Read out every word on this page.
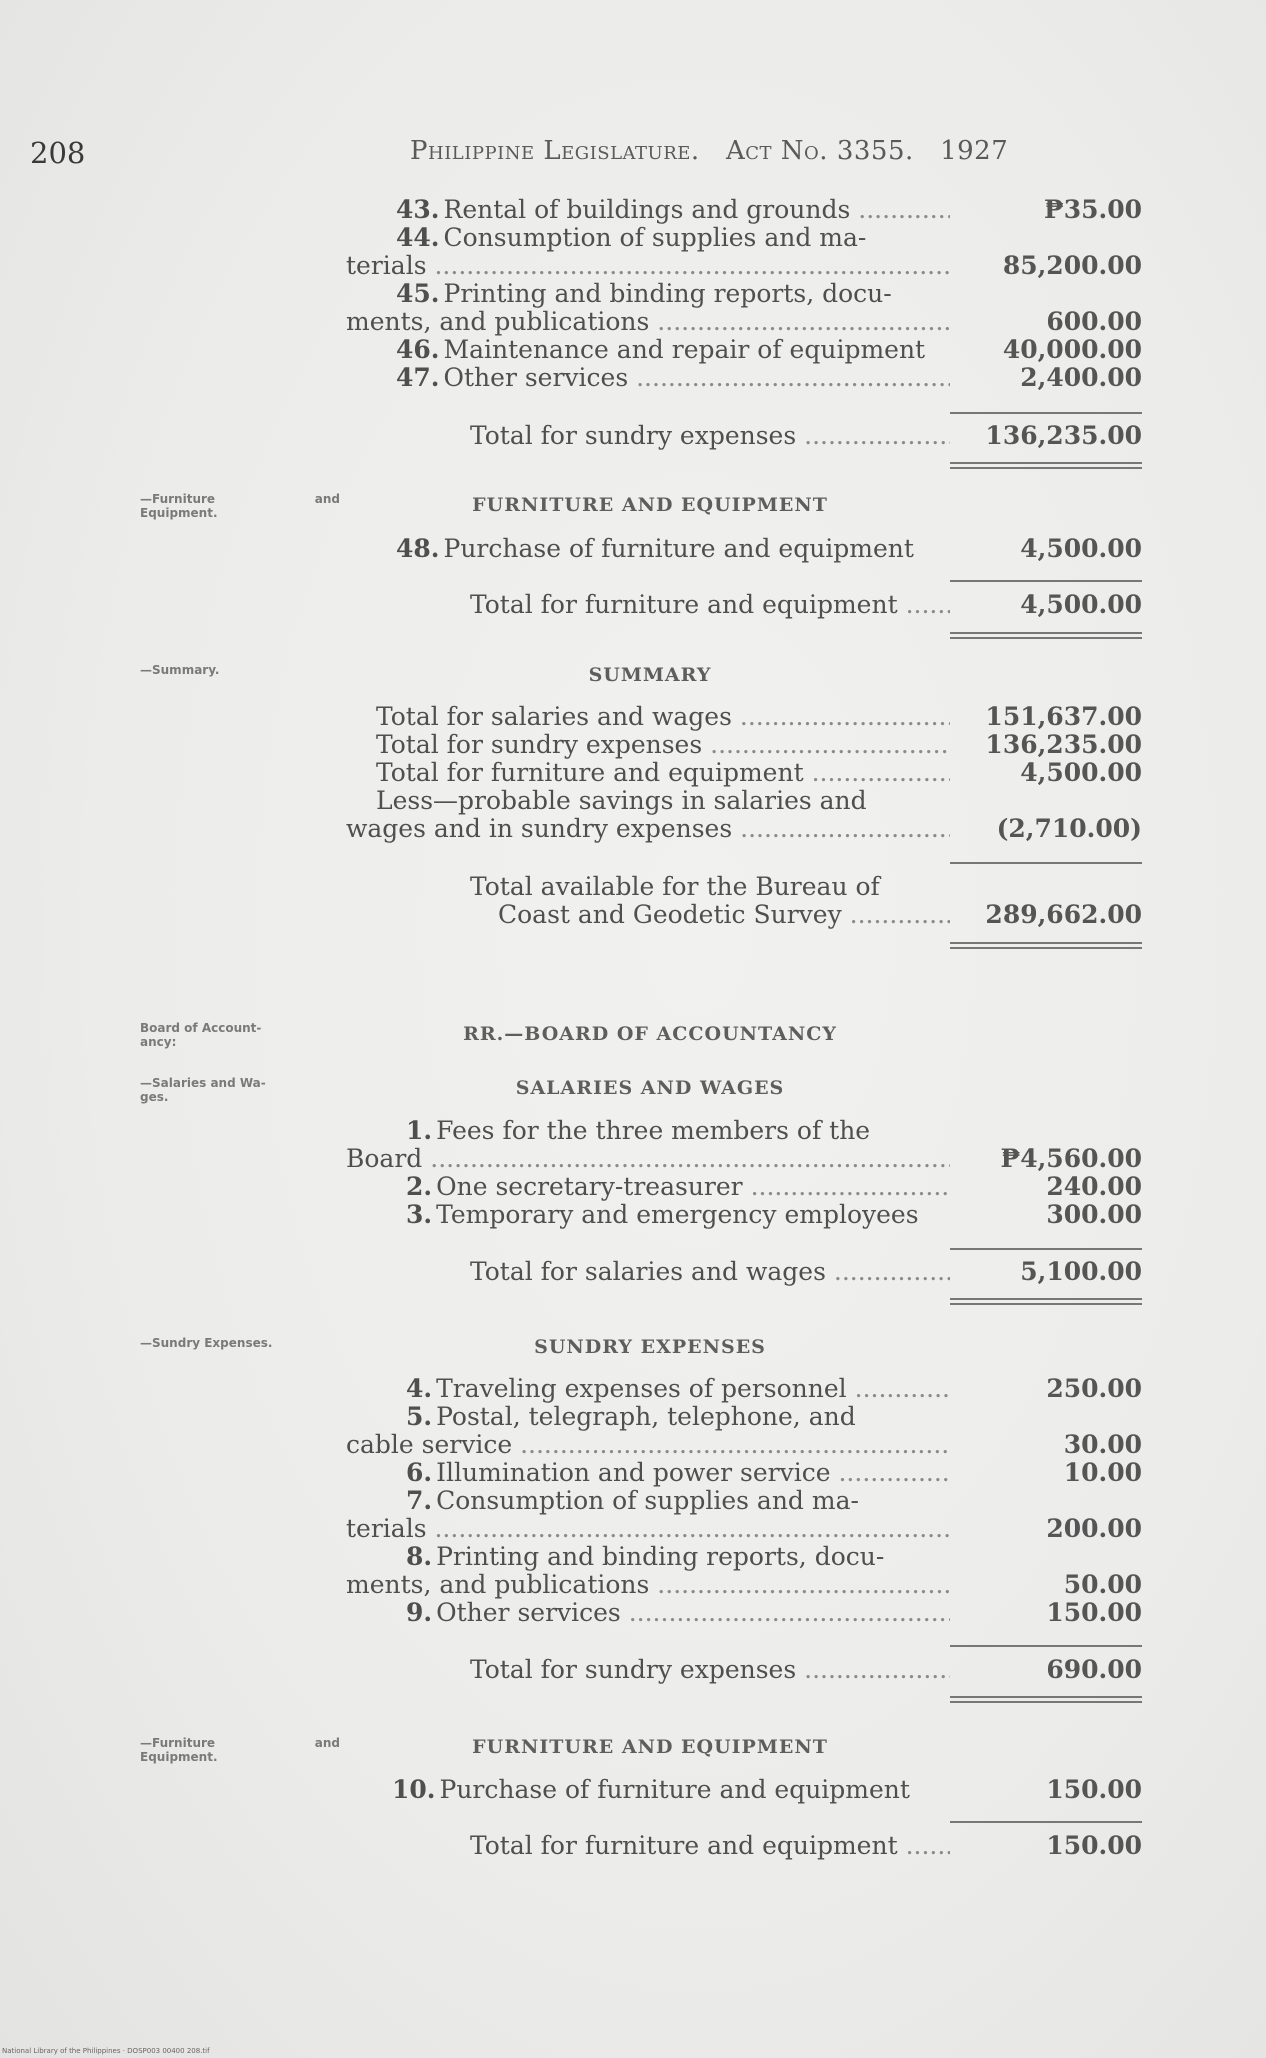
208	Philippine Legislature. Act No. 3355. 1927
43. Rental of buildings and grounds .....	₱35.00
44. Consumption of supplies and ma-
terials .....	85,200.00
45. Printing and binding reports, docu-
ments, and publications .....	600.00
46. Maintenance and repair of equipment	40,000.00
47. Other services .....	2,400.00
Total for sundry expenses .....	136,235.00
—Furniture	and

Equipment.	FURNITURE AND EQUIPMENT
48. Purchase of furniture and equipment	4,500.00
Total for furniture and equipment .....	4,500.00
—Summary.	SUMMARY
Total for salaries and wages .....	151,637.00
Total for sundry expenses .....	136,235.00
Total for furniture and equipment .....	4,500.00
Less—probable savings in salaries and
wages and in sundry expenses .....	(2,710.00)
Total available for the Bureau of
Coast and Geodetic Survey .....	289,662.00
Board of Account-
ancy:	RR.—BOARD OF ACCOUNTANCY
—Salaries and Wa-
ges.	SALARIES AND WAGES
1. Fees for the three members of the
Board .....	₱4,560.00
2. One secretary-treasurer .....	240.00
3. Temporary and emergency employees	300.00
Total for salaries and wages .....	5,100.00
—Sundry Expenses.	SUNDRY EXPENSES
4. Traveling expenses of personnel .....	250.00
5. Postal, telegraph, telephone, and
cable service .....	30.00
6. Illumination and power service .....	10.00
7. Consumption of supplies and ma-
terials .....	200.00
8. Printing and binding reports, docu-
ments, and publications .....	50.00
9. Other services .....	150.00
Total for sundry expenses .....	690.00
—Furniture	and

Equipment.	FURNITURE AND EQUIPMENT
10. Purchase of furniture and equipment	150.00
Total for furniture and equipment .....	150.00
National Library of the Philippines · DOSP003 00400 208.tif
